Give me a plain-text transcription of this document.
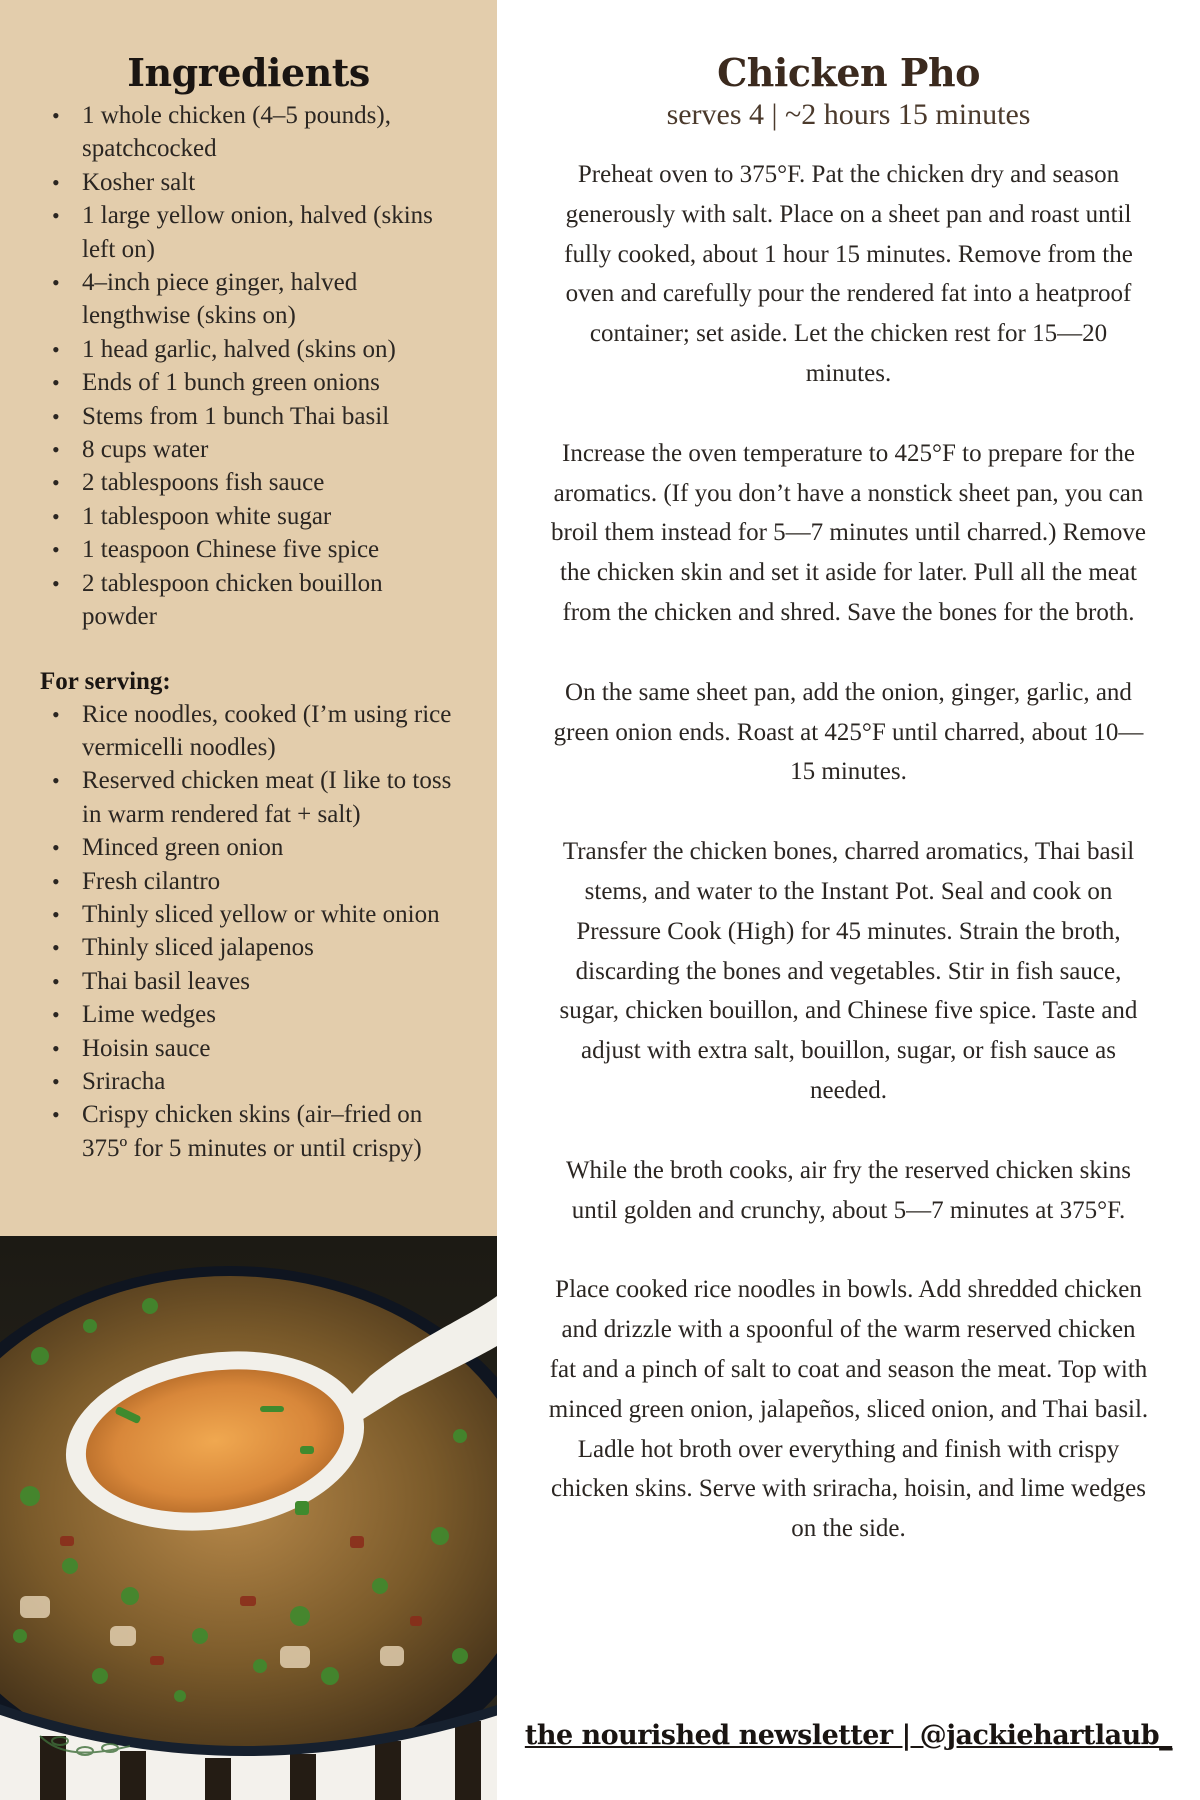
Ingredients
• 1 whole chicken (4–5 pounds), spatchcocked
• Kosher salt
• 1 large yellow onion, halved (skins left on)
• 4–inch piece ginger, halved lengthwise (skins on)
• 1 head garlic, halved (skins on)
• Ends of 1 bunch green onions
• Stems from 1 bunch Thai basil
• 8 cups water
• 2 tablespoons fish sauce
• 1 tablespoon white sugar
• 1 teaspoon Chinese five spice
• 2 tablespoon chicken bouillon powder
For serving:
• Rice noodles, cooked (I’m using rice vermicelli noodles)
• Reserved chicken meat (I like to toss in warm rendered fat + salt)
• Minced green onion
• Fresh cilantro
• Thinly sliced yellow or white onion
• Thinly sliced jalapenos
• Thai basil leaves
• Lime wedges
• Hoisin sauce
• Sriracha
• Crispy chicken skins (air–fried on 375º for 5 minutes or until crispy)
Chicken Pho
serves 4 | ~2 hours 15 minutes

Preheat oven to 375°F. Pat the chicken dry and season generously with salt. Place on a sheet pan and roast until fully cooked, about 1 hour 15 minutes. Remove from the oven and carefully pour the rendered fat into a heatproof container; set aside. Let the chicken rest for 15—20 minutes.

Increase the oven temperature to 425°F to prepare for the aromatics. (If you don’t have a nonstick sheet pan, you can broil them instead for 5—7 minutes until charred.) Remove the chicken skin and set it aside for later. Pull all the meat from the chicken and shred. Save the bones for the broth.

On the same sheet pan, add the onion, ginger, garlic, and green onion ends. Roast at 425°F until charred, about 10—15 minutes.

Transfer the chicken bones, charred aromatics, Thai basil stems, and water to the Instant Pot. Seal and cook on Pressure Cook (High) for 45 minutes. Strain the broth, discarding the bones and vegetables. Stir in fish sauce, sugar, chicken bouillon, and Chinese five spice. Taste and adjust with extra salt, bouillon, sugar, or fish sauce as needed.

While the broth cooks, air fry the reserved chicken skins until golden and crunchy, about 5—7 minutes at 375°F.

Place cooked rice noodles in bowls. Add shredded chicken and drizzle with a spoonful of the warm reserved chicken fat and a pinch of salt to coat and season the meat. Top with minced green onion, jalapeños, sliced onion, and Thai basil. Ladle hot broth over everything and finish with crispy chicken skins. Serve with sriracha, hoisin, and lime wedges on the side.

the nourished newsletter | @jackiehartlaub_
